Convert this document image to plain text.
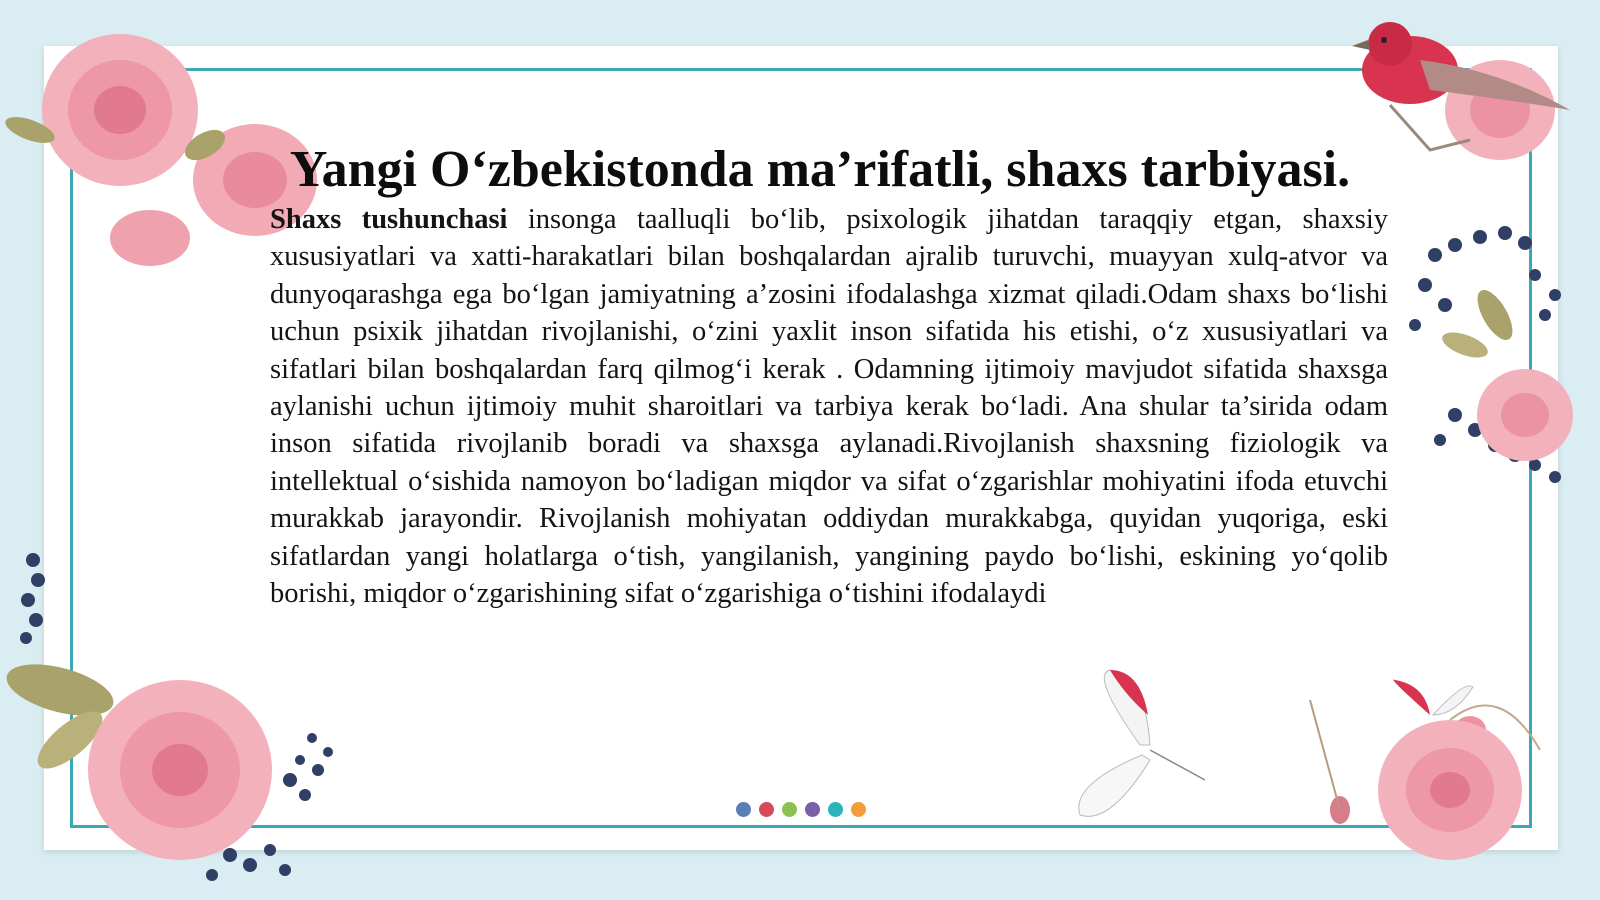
Yangi O‘zbekistonda ma’rifatli, shaxs tarbiyasi.

Shaxs tushunchasi insonga taalluqli bo‘lib, psixologik jihatdan taraqqiy etgan, shaxsiy xususiyatlari va xatti-harakatlari bilan boshqalardan ajralib turuvchi, muayyan xulq-atvor va dunyoqarashga ega bo‘lgan jamiyatning a’zosini ifodalashga xizmat qiladi.Odam shaxs bo‘lishi uchun psixik jihatdan rivojlanishi, o‘zini yaxlit inson sifatida his etishi, o‘z xususiyatlari va sifatlari bilan boshqalardan farq qilmog‘i kerak . Odamning ijtimoiy mavjudot sifatida shaxsga aylanishi uchun ijtimoiy muhit sharoitlari va tarbiya kerak bo‘ladi. Ana shular ta’sirida odam inson sifatida rivojlanib boradi va shaxsga aylanadi.Rivojlanish shaxsning fiziologik va intellektual o‘sishida namoyon bo‘ladigan miqdor va sifat o‘zgarishlar mohiyatini ifoda etuvchi murakkab jarayondir. Rivojlanish mohiyatan oddiydan murakkabga, quyidan yuqoriga, eski sifatlardan yangi holatlarga o‘tish, yangilanish, yangining paydo bo‘lishi, eskining yo‘qolib borishi, miqdor o‘zgarishining sifat o‘zgarishiga o‘tishini ifodalaydi
